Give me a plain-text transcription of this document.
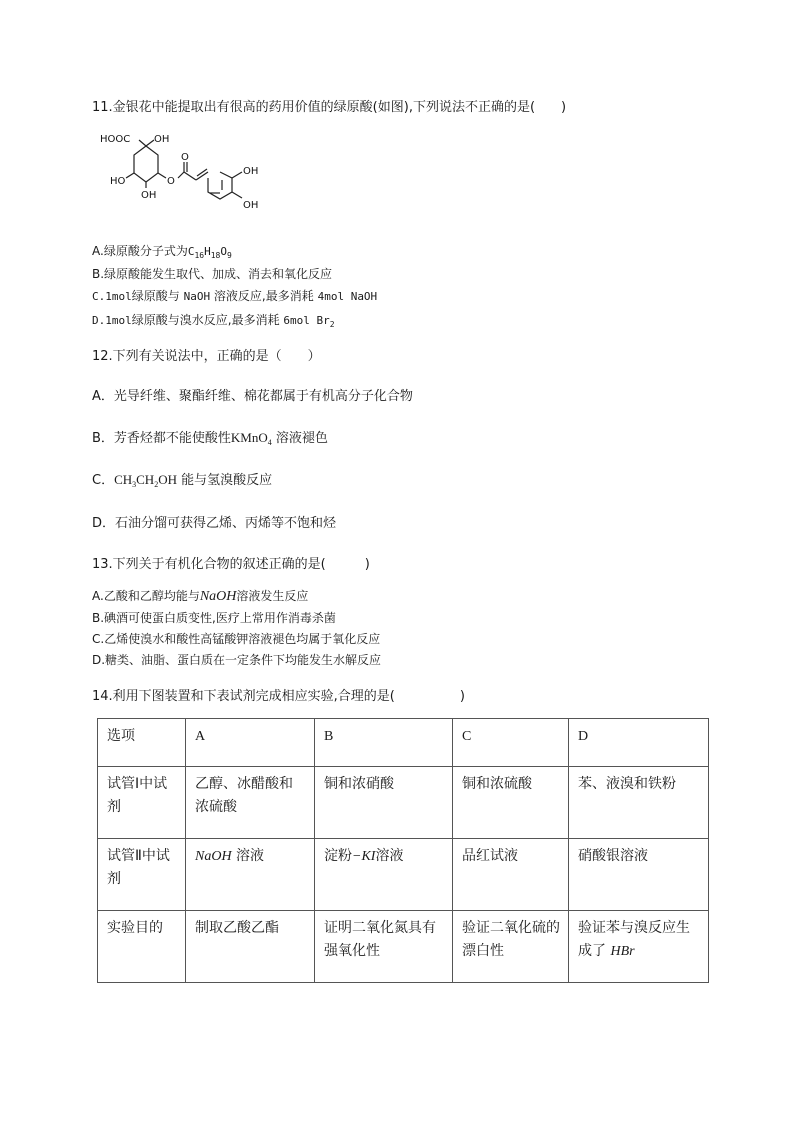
11.金银花中能提取出有很高的药用价值的绿原酸(如图),下列说法不正确的是(　　)
HOOC OH
HO
OH
O
O
OH
OH
A.绿原酸分子式为$C_{16}H_{18}O_9$
B.绿原酸能发生取代、加成、消去和氧化反应
C.1mol绿原酸与 NaOH 溶液反应,最多消耗 4mol NaOH
D.1mol绿原酸与溴水反应,最多消耗 6mol $Br_2$
12.下列有关说法中，正确的是（　　）
A．光导纤维、聚酯纤维、棉花都属于有机高分子化合物
B．芳香烃都不能使酸性KMnO$_4$ 溶液褪色
C．$CH_3CH_2OH$ 能与氢溴酸反应
D．石油分馏可获得乙烯、丙烯等不饱和烃
13.下列关于有机化合物的叙述正确的是(　　　)
A.乙酸和乙醇均能与NaOH溶液发生反应
B.碘酒可使蛋白质变性,医疗上常用作消毒杀菌
C.乙烯使溴水和酸性高锰酸钾溶液褪色均属于氧化反应
D.糖类、油脂、蛋白质在一定条件下均能发生水解反应
14.利用下图装置和下表试剂完成相应实验,合理的是(　　　　　)
选项	A	B	C	D
试管Ⅰ中试剂	乙醇、冰醋酸和浓硫酸	铜和浓硝酸	铜和浓硫酸	苯、液溴和铁粉
试管Ⅱ中试剂	NaOH 溶液	淀粉−KI溶液	品红试液	硝酸银溶液
实验目的	制取乙酸乙酯	证明二氧化氮具有强氧化性	验证二氧化硫的漂白性	验证苯与溴反应生成了 HBr
